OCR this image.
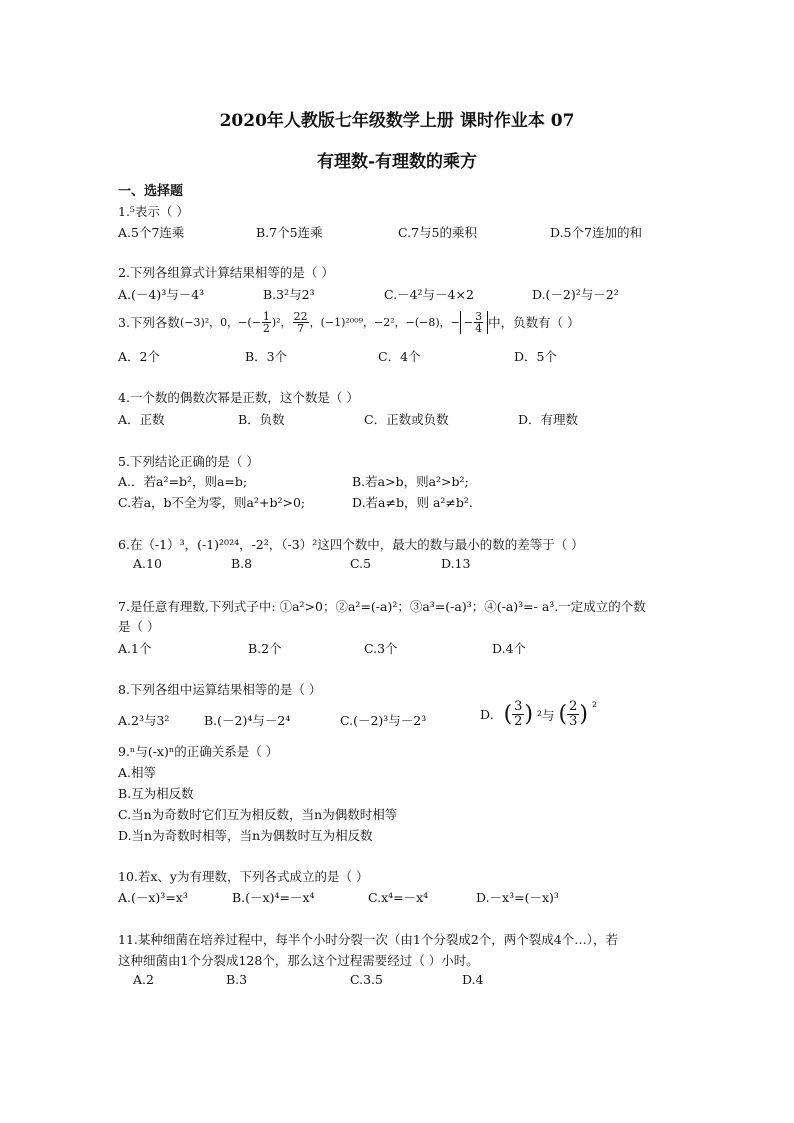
2020年人教版七年级数学上册 课时作业本 07
有理数-有理数的乘方
一、选择题
1.⁵表示（ ）
A.5个7连乘	B.7个5连乘	C.7与5的乘积	D.5个7连加的和
2.下列各组算式计算结果相等的是（ ）
A.(－4)³与－4³	B.3²与2³	C.－4²与－4×2	D.(－2)²与－2²
3.下列各数 (−3)²，0，−(− $\frac{1}{2} )^2$， $\frac{22}{7}$ ，(−1)²⁰⁰⁹，−2²，−(−8)，− − $\frac{3}{4}$ 中，负数有（ ）
A．2个	B．3个	C．4个	D．5个
4.一个数的偶数次幂是正数，这个数是（ ）
A．正数	B．负数	C．正数或负数	D．有理数
5.下列结论正确的是（ ）
A.．若a²=b²，则a=b;	B.若a>b，则a²>b²;
C.若a，b不全为零，则a²+b²>0;	D.若a≠b，则 a²≠b².
6.在（-1）³，(-1)²⁰²⁴，-2²，（-3）²这四个数中，最大的数与最小的数的差等于（ ）
A.10	B.8	C.5	D.13
7.是任意有理数,下列式子中: ①a²>0；②a²=(-a)²；③a³=(-a)³；④(-a)³=- a³.一定成立的个数
是（ ）
A.1个	B.2个	C.3个	D.4个
8.下列各组中运算结果相等的是（ ）
A.2³与3²	B.(－2)⁴与－2⁴	C.(－2)³与－2³	D. ( $\frac{3}{2}$ ) ²与 ( $\frac{2}{3}$ ) ²
9.ⁿ与(-x)ⁿ的正确关系是（ ）
A.相等
B.互为相反数
C.当n为奇数时它们互为相反数，当n为偶数时相等
D.当n为奇数时相等，当n为偶数时互为相反数
10.若x、y为有理数，下列各式成立的是（ ）
A.(－x)³=x³	B.(－x)⁴=－x⁴	C.x⁴=－x⁴	D.－x³=(－x)³
11.某种细菌在培养过程中，每半个小时分裂一次（由1个分裂成2个，两个裂成4个…），若
这种细菌由1个分裂成128个，那么这个过程需要经过（ ）小时。
A.2	B.3	C.3.5	D.4
